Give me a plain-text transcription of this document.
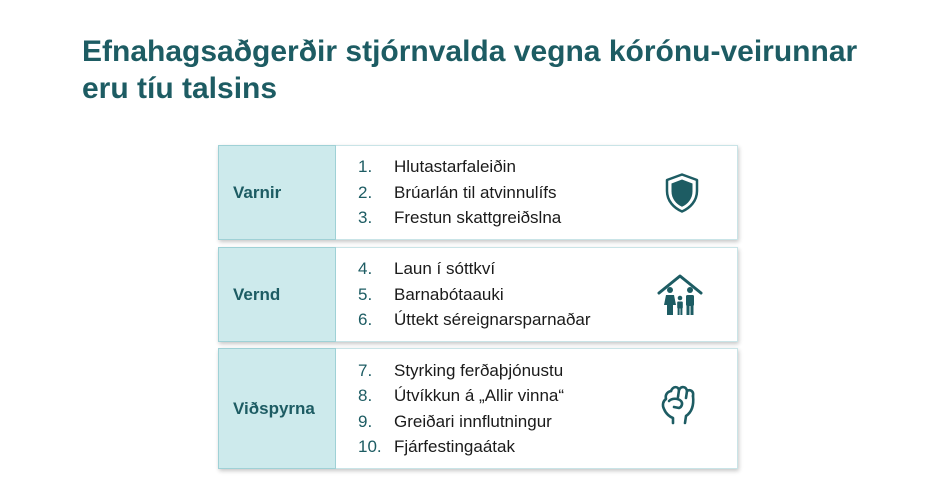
Efnahagsaðgerðir stjórnvalda vegna kórónu-veirunnar eru tíu talsins
Varnir
1.	Hlutastarfaleiðin
2.	Brúarlán til atvinnulífs
3.	Frestun skattgreiðslna
Vernd
4.	Laun í sóttkví
5.	Barnabótaauki
6.	Úttekt séreignarsparnaðar
Viðspyrna
7.	Styrking ferðaþjónustu
8.	Útvíkkun á „Allir vinna“
9.	Greiðari innflutningur
10. Fjárfestingaátak
